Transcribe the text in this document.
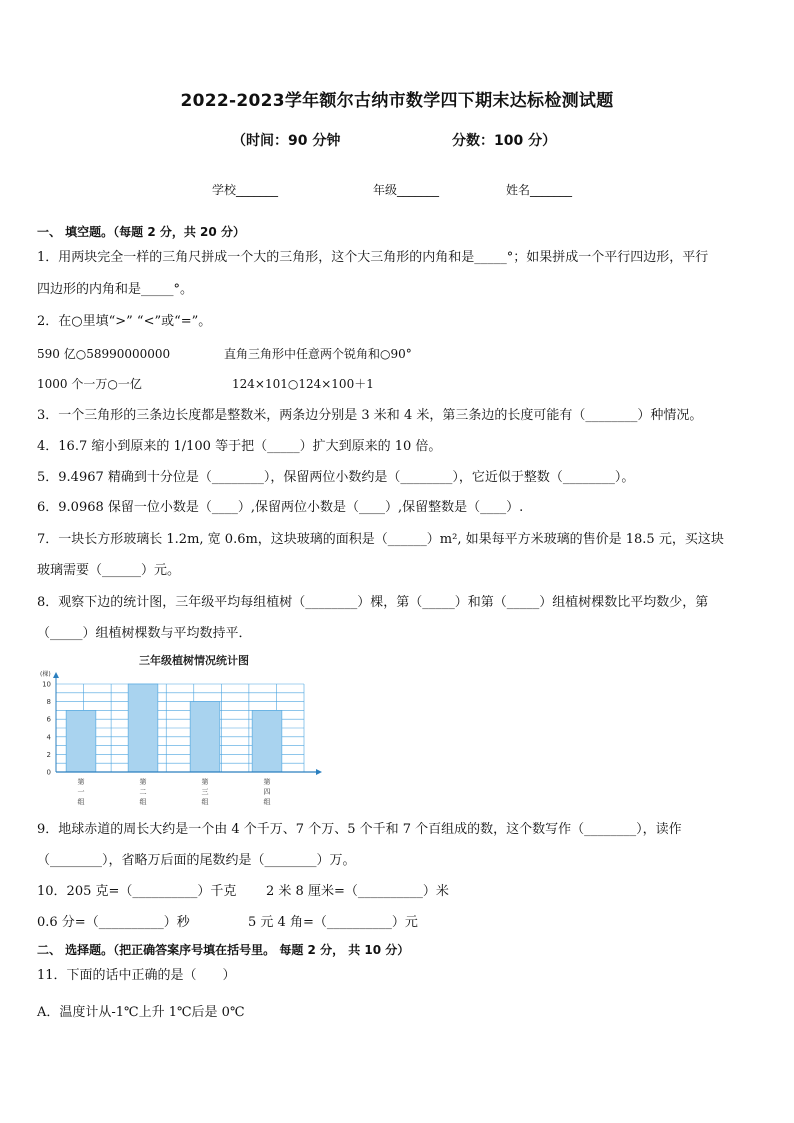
2022-2023学年额尔古纳市数学四下期末达标检测试题
（时间：90 分钟	分数：100 分）
学校_______	年级_______	姓名_______
一、 填空题。（每题 2 分，共 20 分）
1．用两块完全一样的三角尺拼成一个大的三角形，这个大三角形的内角和是_____°；如果拼成一个平行四边形，平行
四边形的内角和是_____°。
2．在○里填“>” “<”或“=”。
590 亿○58990000000	直角三角形中任意两个锐角和○90°
1000 个一万○一亿	124×101○124×100＋1
3．一个三角形的三条边长度都是整数米，两条边分别是 3 米和 4 米，第三条边的长度可能有（________）种情况。
4．16.7 缩小到原来的 1/100 等于把（_____）扩大到原来的 10 倍。
5．9.4967 精确到十分位是（________），保留两位小数约是（________），它近似于整数（________）。
6．9.0968 保留一位小数是（____）,保留两位小数是（____）,保留整数是（____）.
7．一块长方形玻璃长 1.2m, 宽 0.6m，这块玻璃的面积是（______）m², 如果每平方米玻璃的售价是 18.5 元，买这块
玻璃需要（______）元。
8．观察下边的统计图，三年级平均每组植树（________）棵，第（_____）和第（_____）组植树棵数比平均数少，第
（_____）组植树棵数与平均数持平．
三年级植树情况统计图
(棵)
0
2
4
6
8
10
第
一
组
第
二
组
第
三
组
第
四
组
9．地球赤道的周长大约是一个由 4 个千万、7 个万、5 个千和 7 个百组成的数，这个数写作（________），读作
（________），省略万后面的尾数约是（________）万。
10．205 克=（__________）千克 2 米 8 厘米=（__________）米
0.6 分=（__________）秒	5 元 4 角=（__________）元
二、 选择题。（把正确答案序号填在括号里。 每题 2 分， 共 10 分）
11．下面的话中正确的是（　　）
A．温度计从-1℃上升 1℃后是 0℃
